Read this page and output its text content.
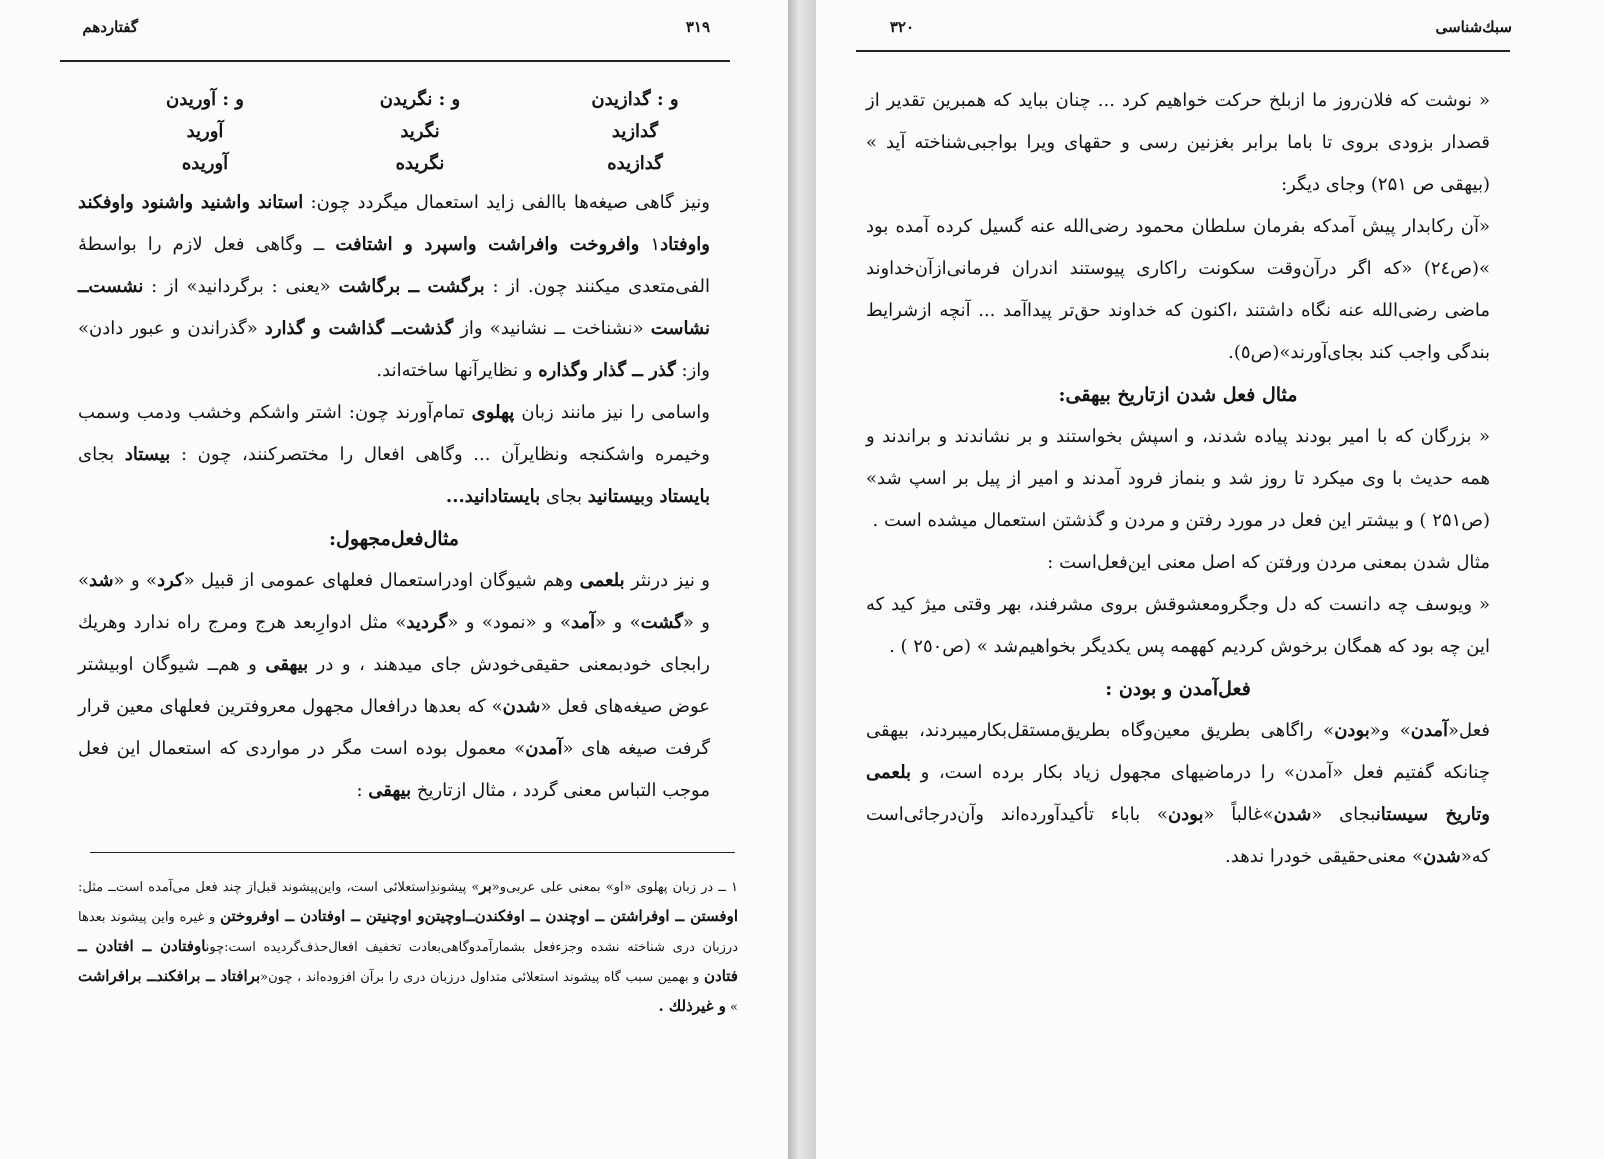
گفتاردهم	۳۱۹
و : گدازیدن
گدازید
گدازیده
و : نگریدن
نگرید
نگریده
و : آوریدن
آورید
آوریده

ونیز گاهی صیغه‌ها باالفی زاید استعمال میگردد چون: استاند واشنید واشنود واوفکند واوفتاد۱ وافروخت وافراشت واسپرد و اشتافت ــ وگاهی فعل لازم را بواسطهٔ الفی‌متعدی میکنند چون. از : برگشت ــ برگاشت «یعنی : برگردانید» از : نشست‌ــ نشاست «نشناخت ــ نشانید» واز گذشت‌ــ گذاشت و گذارد «گذراندن و عبور دادن» واز: گذر ــ گذار وگذاره و نظایرآنها ساخته‌اند.

واسامی را نیز مانند زبان پهلوی تمام‌آورند چون: اشتر واشکم وخشب ودمب وسمب وخیمره واشکنجه ونظایرآن ... وگاهی افعال را مختصرکنند، چون : بیستاد بجای بایستاد وبیستانید بجای بایستادانید...

مثال‌فعل‌مجهول:

و نیز درنثر بلعمی وهم شیوگان اودراستعمال فعلهای عمومی از قبیل «کرد» و «شد» و «گشت» و «آمد» و «نمود» و «گردید» مثل ادوارِبعد هرج ومرج راه ندارد وهریك رابجای خودبمعنی حقیقی‌خودش جای میدهند ، و در بیهقی و هم‌ــ شیوگان اوبیشتر عوض صیغه‌های فعل «شدن» که بعدها درافعال مجهول معروفترین فعلهای معین قرار گرفت صیغه های «آمدن» معمول بوده است مگر در مواردی که استعمال این فعل موجب التباس معنی گردد ، مثال ازتاریخ بیهقی :

۱ ــ در زبان پهلوی «او» بمعنی علی عربی‌و«بر» پیشوندِاستعلائی است، واین‌پیشوند قبل‌از چند فعل می‌آمده است‌ــ مثل: اوفستن ــ اوفراشتن ــ اوچندن ــ اوفکندن‌ــ‌اوچیتن‌و اوچنیتن ــ اوفتادن ــ اوفروختن و غیره واین پیشوند بعدها درزبان دری شناخته نشده وجزءفعل بشمارآمدوگاهی‌بعادت تخفیف افعال‌حذف‌گردیده است:چوناوفتادن ــ افتادن ــ فتادن و بهمین سبب گاه پیشوند استعلائی متداول درزبان دری را برآن افزوده‌اند ، چون«برافتاد ــ برافکند‌ــ برافراشت » و غیرذلك .

سبك‌شناسی
۳۲۰

« نوشت که فلان‌روز ما ازبلخ حرکت خواهیم کرد ... چنان بباید که همبرین تقدیر از قصدار بزودی بروی تا باما برابر بغزنین رسی و حقهای ویرا بواجبی‌شناخته آید » (بیهقی ص ۲۵۱) وجای دیگر:

«آن رکابدار پیش آمدکه بفرمان سلطان محمود رضی‌الله عنه گسیل کرده آمده بود »(ص۲٤) «که اگر درآن‌وقت سکونت راکاری پیوستند اندران فرمانی‌ازآن‌خداوند ماضی رضی‌الله عنه نگاه داشتند ،اکنون که خداوند حق‌تر پیداآمد ... آنچه ازشرایط بندگی واجب کند بجای‌آورند»(ص٥).

مثال فعل شدن ازتاریخ بیهقی:

« بزرگان که با امیر بودند پیاده شدند، و اسپش بخواستند و بر نشاندند و براندند و همه حدیث با وی میکرد تا روز شد و بنماز فرود آمدند و امیر از پیل بر اسپ شد» (ص۲۵۱ ) و بیشتر این فعل در مورد رفتن و مردن و گذشتن استعمال میشده است .

مثال شدن بمعنی مردن ورفتن که اصل معنی این‌فعل‌است :

« ویوسف چه دانست که دل وجگرومعشوقش بروی مشرفند، بهر وقتی میژ کید که این چه بود که همگان برخوش کردیم کههمه پس یکدیگر بخواهیم‌شد » (ص۲٥٠ ) .

فعل‌آمدن و بودن :

فعل«آمدن» و«بودن» راگاهی بطریق معین‌وگاه بطریق‌مستقل‌بکارمیبردند، بیهقی چنانکه گفتیم فعل «آمدن» را درماضیهای مجهول زیاد بکار برده است، و بلعمی وتاریخ سیستانبجای «شدن»غالباً «بودن» باباء تأکیدآورده‌اند وآن‌درجائی‌است که«شدن» معنی‌حقیقی خودرا ندهد.
